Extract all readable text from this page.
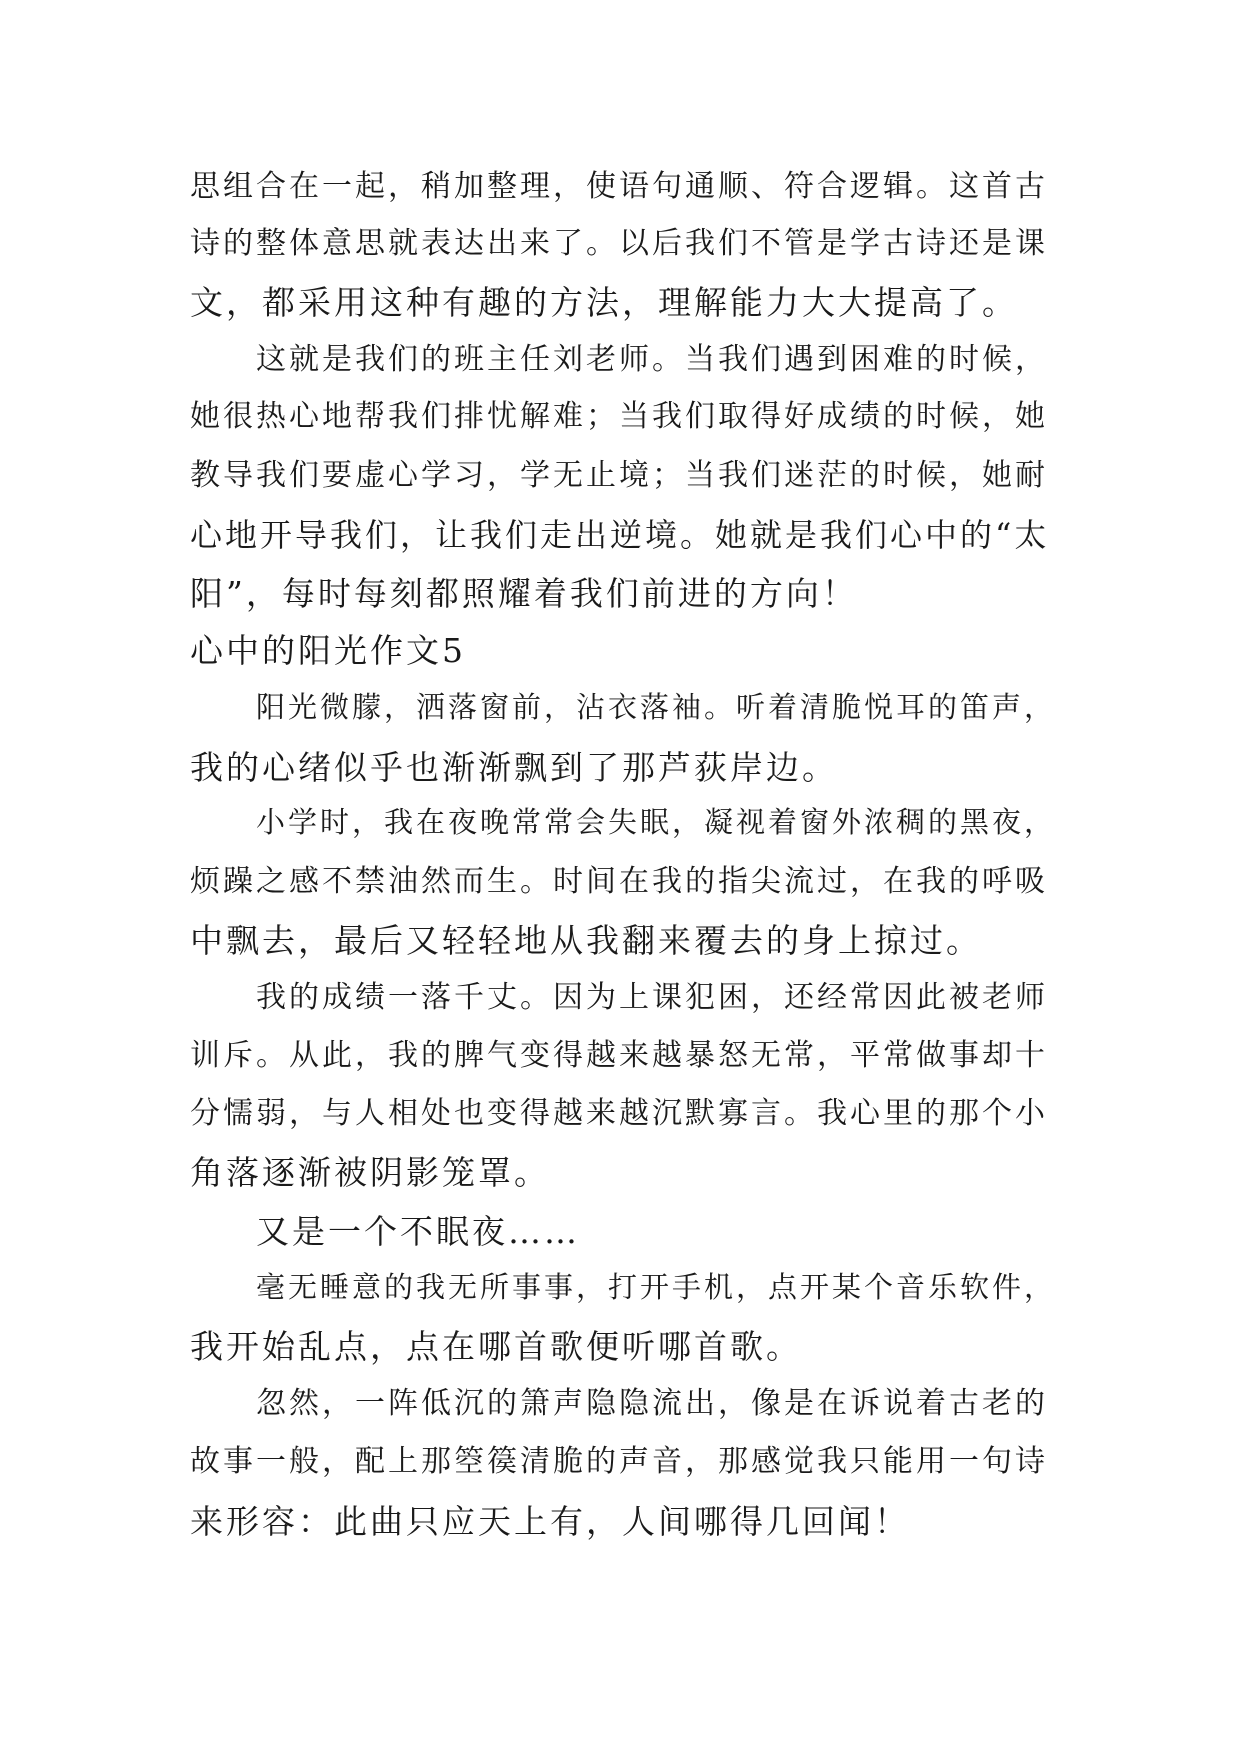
思组合在一起，稍加整理，使语句通顺、符合逻辑。这首古

诗的整体意思就表达出来了。以后我们不管是学古诗还是课

文，都采用这种有趣的方法，理解能力大大提高了。

这就是我们的班主任刘老师。当我们遇到困难的时候，

她很热心地帮我们排忧解难；当我们取得好成绩的时候，她

教导我们要虚心学习，学无止境；当我们迷茫的时候，她耐

心地开导我们，让我们走出逆境。她就是我们心中的“太

阳”，每时每刻都照耀着我们前进的方向！

心中的阳光作文5

阳光微朦，洒落窗前，沾衣落袖。听着清脆悦耳的笛声，

我的心绪似乎也渐渐飘到了那芦荻岸边。

小学时，我在夜晚常常会失眠，凝视着窗外浓稠的黑夜，

烦躁之感不禁油然而生。时间在我的指尖流过，在我的呼吸

中飘去，最后又轻轻地从我翻来覆去的身上掠过。

我的成绩一落千丈。因为上课犯困，还经常因此被老师

训斥。从此，我的脾气变得越来越暴怒无常，平常做事却十

分懦弱，与人相处也变得越来越沉默寡言。我心里的那个小

角落逐渐被阴影笼罩。

又是一个不眠夜……

毫无睡意的我无所事事，打开手机，点开某个音乐软件，

我开始乱点，点在哪首歌便听哪首歌。

忽然，一阵低沉的箫声隐隐流出，像是在诉说着古老的

故事一般，配上那箜篌清脆的声音，那感觉我只能用一句诗

来形容：此曲只应天上有，人间哪得几回闻！
